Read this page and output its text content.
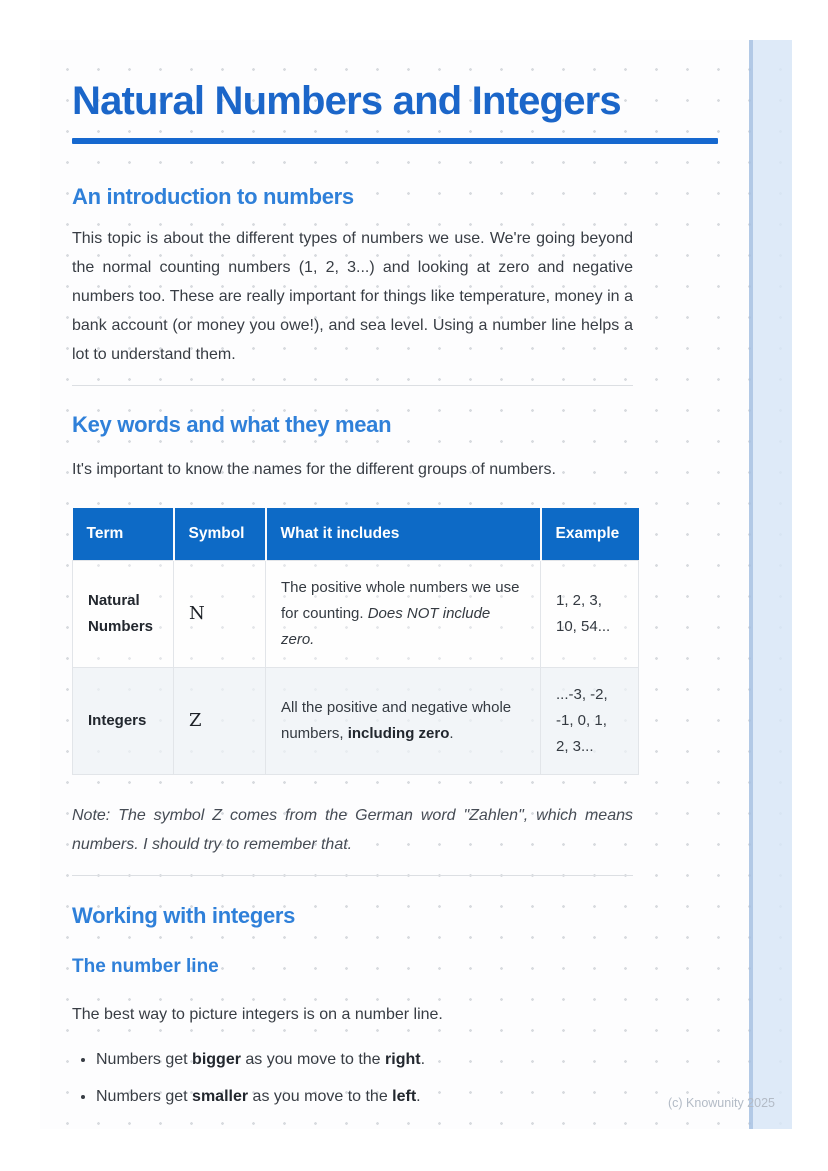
Natural Numbers and Integers
An introduction to numbers

This topic is about the different types of numbers we use. We're going beyond the normal counting numbers (1, 2, 3...) and looking at zero and negative numbers too. These are really important for things like temperature, money in a bank account (or money you owe!), and sea level. Using a number line helps a lot to understand them.

Key words and what they mean

It's important to know the names for the different groups of numbers.

Term	Symbol	What it includes	Example
Natural Numbers	N	The positive whole numbers we use for counting. Does NOT include zero.	1, 2, 3, 10, 54...
Integers	Z	All the positive and negative whole numbers, including zero.	...-3, -2, -1, 0, 1, 2, 3...

Note: The symbol Z comes from the German word "Zahlen", which means numbers. I should try to remember that.

Working with integers
The number line

The best way to picture integers is on a number line.

• Numbers get bigger as you move to the right.
• Numbers get smaller as you move to the left.	(c) Knowunity 2025
